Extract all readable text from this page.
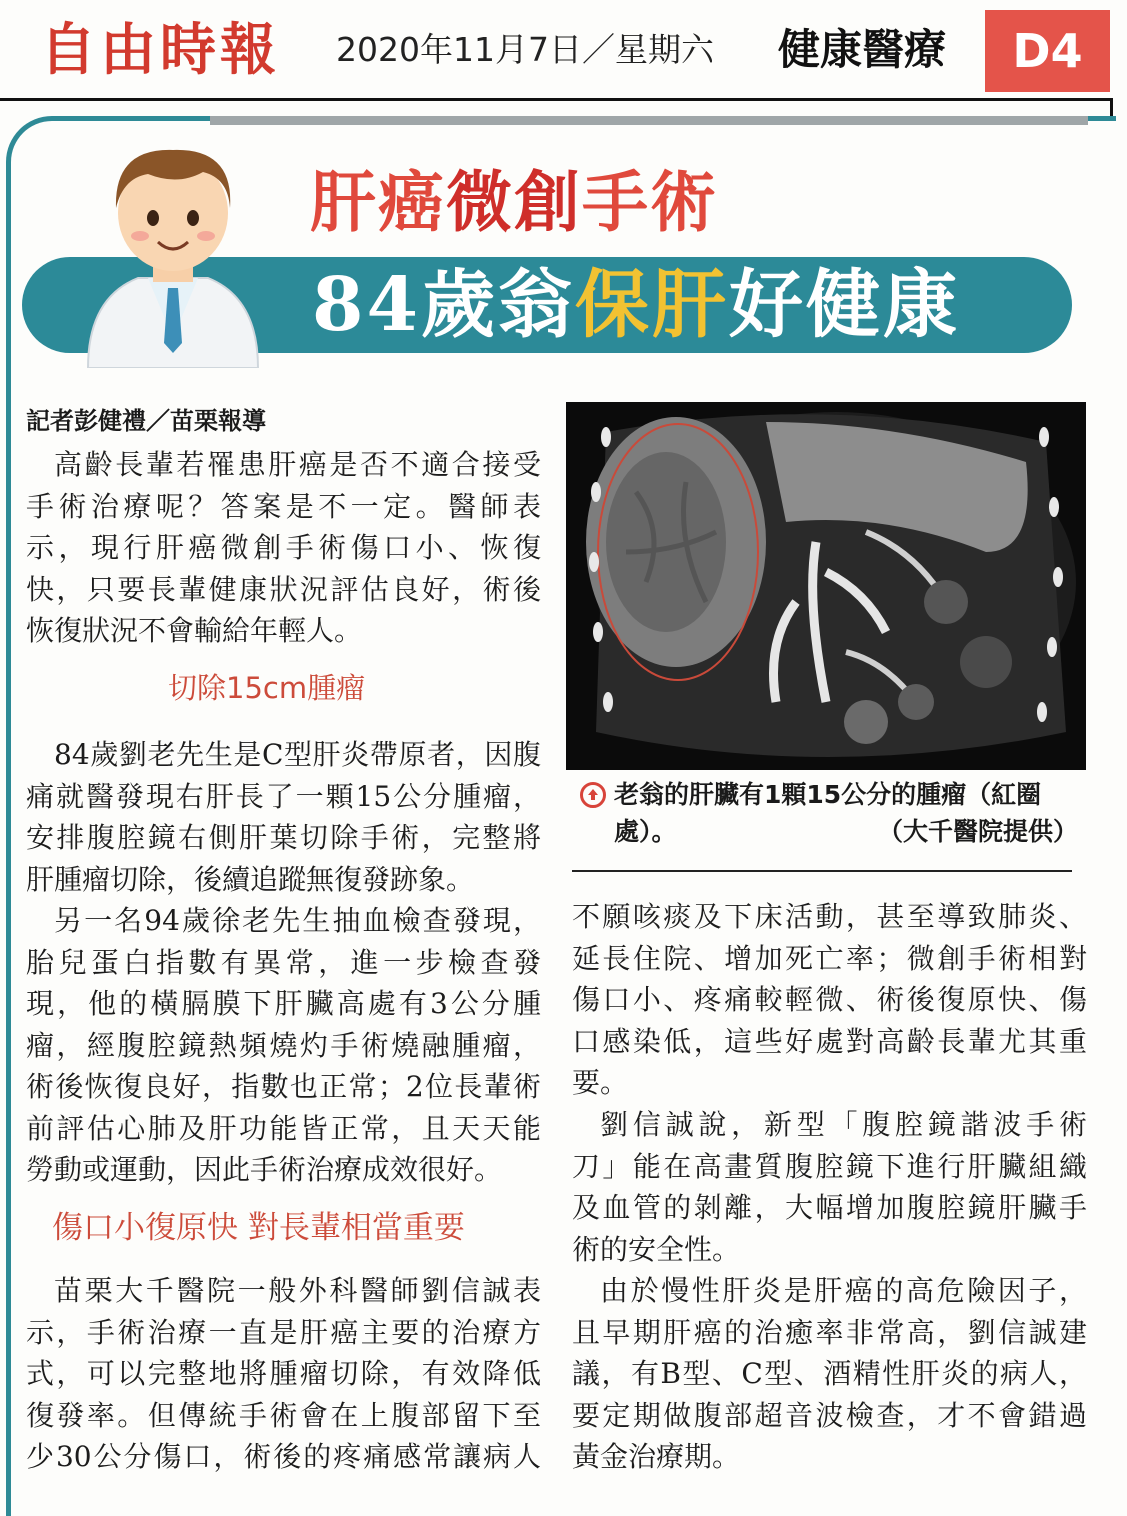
自由時報 2020年11月7日／星期六 健康醫療	D4
肝癌微創手術
84歲翁保肝好健康
記者彭健禮／苗栗報導

高齡長輩若罹患肝癌是否不適合接受

手術治療呢？答案是不一定。醫師表

示，現行肝癌微創手術傷口小、恢復

快，只要長輩健康狀況評估良好，術後

恢復狀況不會輸給年輕人。

切除15cm腫瘤

84歲劉老先生是C型肝炎帶原者，因腹

痛就醫發現右肝長了一顆15公分腫瘤，

安排腹腔鏡右側肝葉切除手術，完整將

肝腫瘤切除，後續追蹤無復發跡象。

另一名94歲徐老先生抽血檢查發現，

胎兒蛋白指數有異常，進一步檢查發

現，他的橫膈膜下肝臟高處有3公分腫

瘤，經腹腔鏡熱頻燒灼手術燒融腫瘤，

術後恢復良好，指數也正常；2位長輩術

前評估心肺及肝功能皆正常，且天天能

勞動或運動，因此手術治療成效很好。

傷口小復原快 對長輩相當重要

苗栗大千醫院一般外科醫師劉信誠表

示，手術治療一直是肝癌主要的治療方

式，可以完整地將腫瘤切除，有效降低

復發率。但傳統手術會在上腹部留下至

少30公分傷口，術後的疼痛感常讓病人

老翁的肝臟有1顆15公分的腫瘤（紅圈
處）。	（大千醫院提供）

不願咳痰及下床活動，甚至導致肺炎、

延長住院、增加死亡率；微創手術相對

傷口小、疼痛較輕微、術後復原快、傷

口感染低，這些好處對高齡長輩尤其重

要。

劉信誠說，新型「腹腔鏡諧波手術

刀」能在高畫質腹腔鏡下進行肝臟組織

及血管的剝離，大幅增加腹腔鏡肝臟手

術的安全性。

由於慢性肝炎是肝癌的高危險因子，

且早期肝癌的治癒率非常高，劉信誠建

議，有B型、C型、酒精性肝炎的病人，

要定期做腹部超音波檢查，才不會錯過

黃金治療期。
